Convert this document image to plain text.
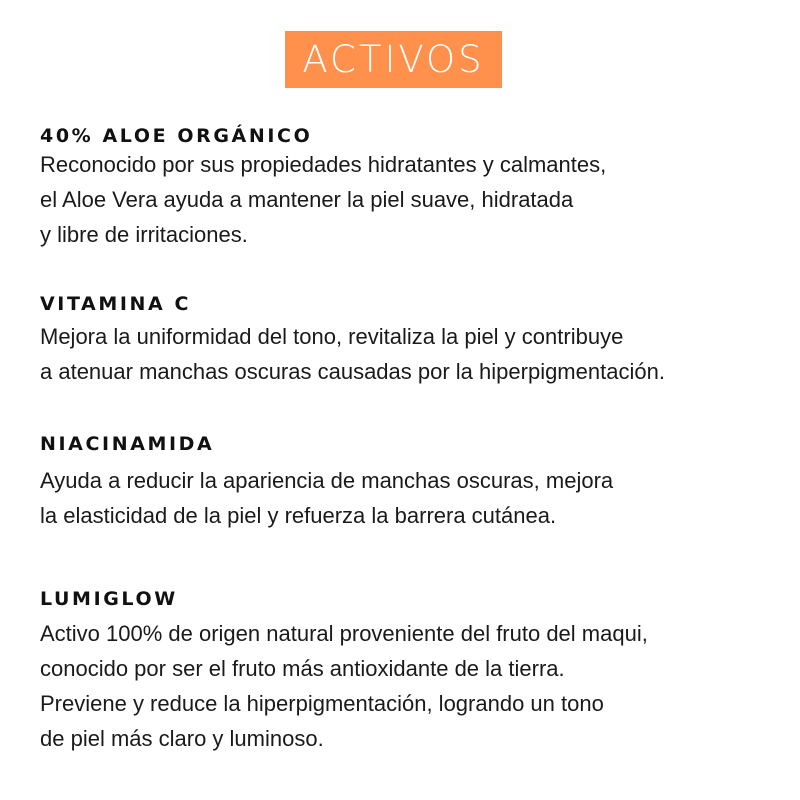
ACTIVOS
40% ALOE ORGÁNICO
Reconocido por sus propiedades hidratantes y calmantes,
el Aloe Vera ayuda a mantener la piel suave, hidratada
y libre de irritaciones.
VITAMINA C
Mejora la uniformidad del tono, revitaliza la piel y contribuye
a atenuar manchas oscuras causadas por la hiperpigmentación.
NIACINAMIDA
Ayuda a reducir la apariencia de manchas oscuras, mejora
la elasticidad de la piel y refuerza la barrera cutánea.
LUMIGLOW
Activo 100% de origen natural proveniente del fruto del maqui,
conocido por ser el fruto más antioxidante de la tierra.
Previene y reduce la hiperpigmentación, logrando un tono
de piel más claro y luminoso.
